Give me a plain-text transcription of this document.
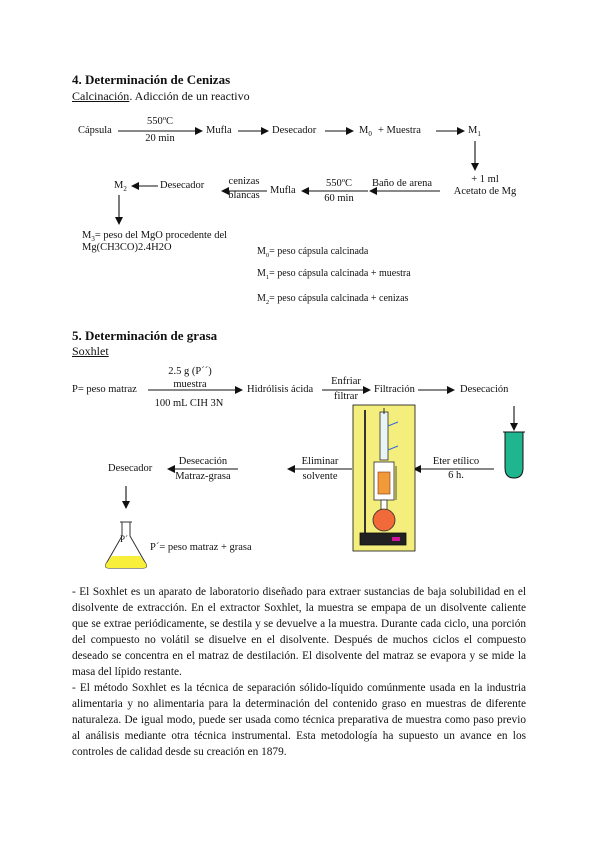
4. Determinación de Cenizas
Calcinación. Adicción de un reactivo
Cápsula
550ºC
20 min
Mufla	Desecador	$M_0$ + Muestra	$M_1$
+ 1 ml
Acetato de Mg
Baño de arena
550ºC
60 min
Mufla
cenizas
blancas
Desecador
$M_2$
$M_3=$ peso del MgO procedente del
Mg(CH3CO)2.4H2O	$M_0=$ peso cápsula calcinada
$M_1=$ peso cápsula calcinada + muestra
$M_2=$ peso cápsula calcinada + cenizas
5. Determinación de grasa
Soxhlet
P= peso matraz
2.5 g (P´´)
muestra
100 mL CIH 3N
Hidrólisis ácida
Enfriar
filtrar
Filtración	Desecación
Eter etílico
6 h.
Eliminar
solvente
Desecación
Matraz-grasa
Desecador
P´
P´= peso matraz + grasa
- El Soxhlet es un aparato de laboratorio diseñado para extraer sustancias de baja solubilidad en el disolvente de extracción. En el extractor Soxhlet, la muestra se empapa de un disolvente caliente que se extrae periódicamente, se destila y se devuelve a la muestra. Durante cada ciclo, una porción del compuesto no volátil se disuelve en el disolvente. Después de muchos ciclos el compuesto deseado se concentra en el matraz de destilación. El disolvente del matraz se evapora y se mide la masa del lípido restante.
- El método Soxhlet es la técnica de separación sólido-líquido comúnmente usada en la industria alimentaria y no alimentaria para la determinación del contenido graso en muestras de diferente naturaleza. De igual modo, puede ser usada como técnica preparativa de muestra como paso previo al análisis mediante otra técnica instrumental. Esta metodología ha supuesto un avance en los controles de calidad desde su creación en 1879.
